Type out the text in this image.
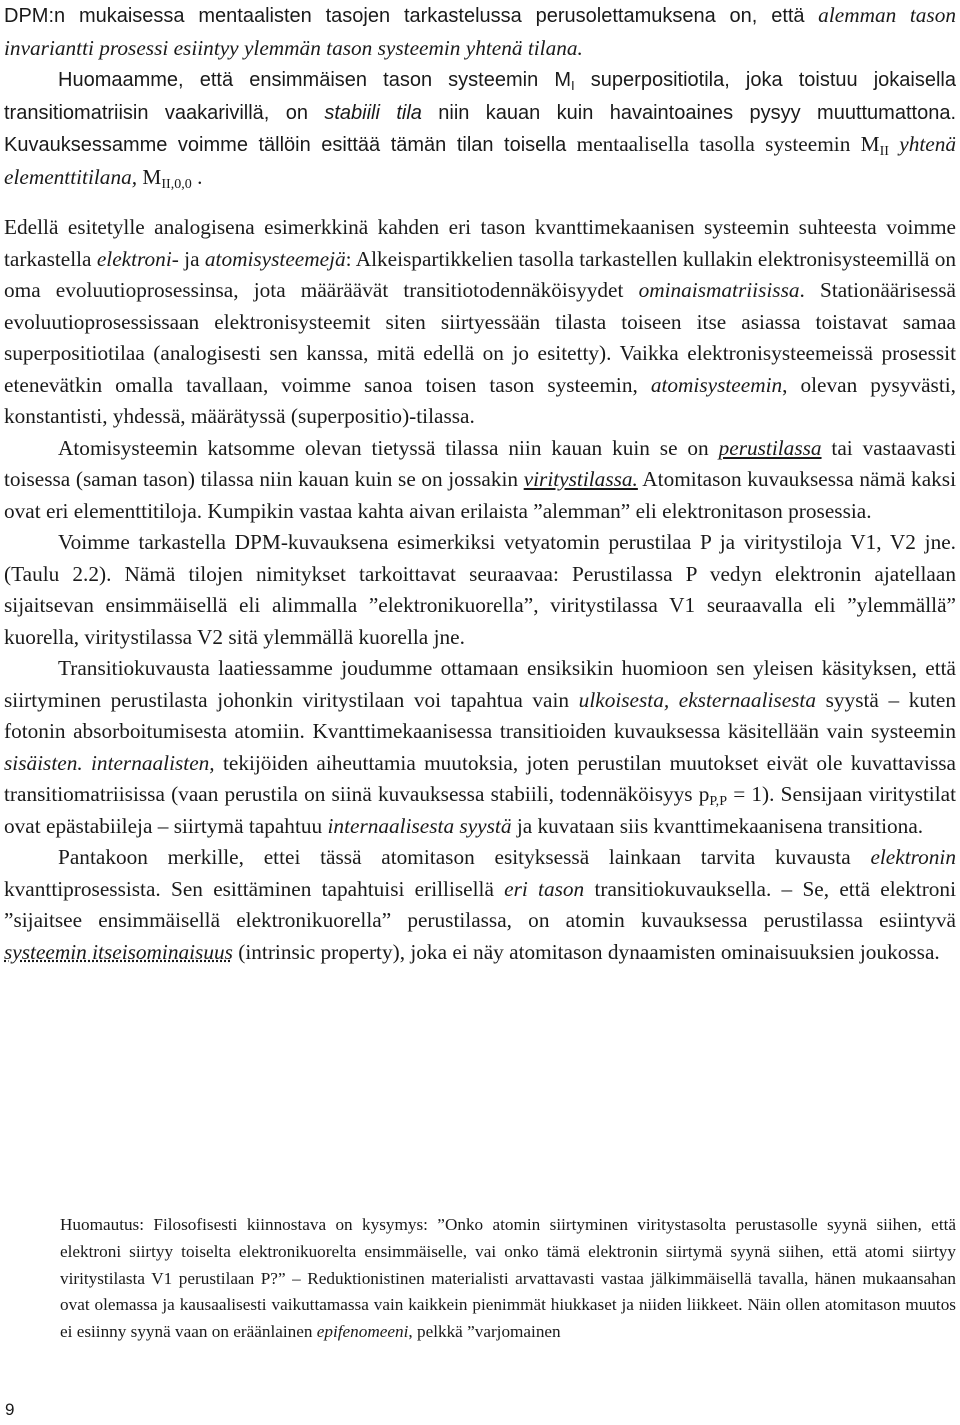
DPM:n mukaisessa mentaalisten tasojen tarkastelussa perusolettamuksena on, että alemman tason invariantti prosessi esiintyy ylemmän tason systeemin yhtenä tilana.

Huomaamme, että ensimmäisen tason systeemin $M_I$ superpositiotila, joka toistuu jokaisella transitiomatriisin vaakarivillä, on stabiili tila niin kauan kuin havaintoaines pysyy muuttumattona. Kuvauksessamme voimme tällöin esittää tämän tilan toisella mentaalisella tasolla systeemin $M_{II}$ yhtenä elementtitilana, $M_{II,0,0}$ .

Edellä esitetylle analogisena esimerkkinä kahden eri tason kvanttimekaanisen systeemin suhteesta voimme tarkastella elektroni- ja atomisysteemejä: Alkeispartikkelien tasolla tarkastellen kullakin elektronisysteemillä on oma evoluutioprosessinsa, jota määräävät transitiotodennäköisyydet ominaismatriisissa. Stationäärisessä evoluutioprosessissaan elektronisysteemit siten siirtyessään tilasta toiseen itse asiassa toistavat samaa superpositiotilaa (analogisesti sen kanssa, mitä edellä on jo esitetty). Vaikka elektronisysteemeissä prosessit etenevätkin omalla tavallaan, voimme sanoa toisen tason systeemin, atomisysteemin, olevan pysyvästi, konstantisti, yhdessä, määrätyssä (superpositio)-tilassa.

Atomisysteemin katsomme olevan tietyssä tilassa niin kauan kuin se on perustilassa tai vastaavasti toisessa (saman tason) tilassa niin kauan kuin se on jossakin viritystilassa. Atomitason kuvauksessa nämä kaksi ovat eri elementtitiloja. Kumpikin vastaa kahta aivan erilaista ”alemman” eli elektronitason prosessia.

Voimme tarkastella DPM-kuvauksena esimerkiksi vetyatomin perustilaa P ja viritystiloja V1, V2 jne. (Taulu 2.2). Nämä tilojen nimitykset tarkoittavat seuraavaa: Perustilassa P vedyn elektronin ajatellaan sijaitsevan ensimmäisellä eli alimmalla ”elektronikuorella”, viritystilassa V1 seuraavalla eli ”ylemmällä” kuorella, viritystilassa V2 sitä ylemmällä kuorella jne.

Transitiokuvausta laatiessamme joudumme ottamaan ensiksikin huomioon sen yleisen käsityksen, että siirtyminen perustilasta johonkin viritystilaan voi tapahtua vain ulkoisesta, eksternaalisesta syystä – kuten fotonin absorboitumisesta atomiin. Kvanttimekaanisessa transitioiden kuvauksessa käsitellään vain systeemin sisäisten. internaalisten, tekijöiden aiheuttamia muutoksia, joten perustilan muutokset eivät ole kuvattavissa transitiomatriisissa (vaan perustila on siinä kuvauksessa stabiili, todennäköisyys $p_{P,P} = 1$). Sensijaan viritystilat ovat epästabiileja – siirtymä tapahtuu internaalisesta syystä ja kuvataan siis kvanttimekaanisena transitiona.

Pantakoon merkille, ettei tässä atomitason esityksessä lainkaan tarvita kuvausta elektronin kvanttiprosessista. Sen esittäminen tapahtuisi erillisellä eri tason transitiokuvauksella. – Se, että elektroni ”sijaitsee ensimmäisellä elektronikuorella” perustilassa, on atomin kuvauksessa perustilassa esiintyvä systeemin itseisominaisuus (intrinsic property), joka ei näy atomitason dynaamisten ominaisuuksien joukossa.

Huomautus: Filosofisesti kiinnostava on kysymys: ”Onko atomin siirtyminen viritystasolta perustasolle syynä siihen, että elektroni siirtyy toiselta elektronikuorelta ensimmäiselle, vai onko tämä elektronin siirtymä syynä siihen, että atomi siirtyy viritystilasta V1 perustilaan P?” – Reduktionistinen materialisti arvattavasti vastaa jälkimmäisellä tavalla, hänen mukaansahan ovat olemassa ja kausaalisesti vaikuttamassa vain kaikkein pienimmät hiukkaset ja niiden liikkeet. Näin ollen atomitason muutos ei esiinny syynä vaan on eräänlainen epifenomeeni, pelkkä ”varjomainen

9
